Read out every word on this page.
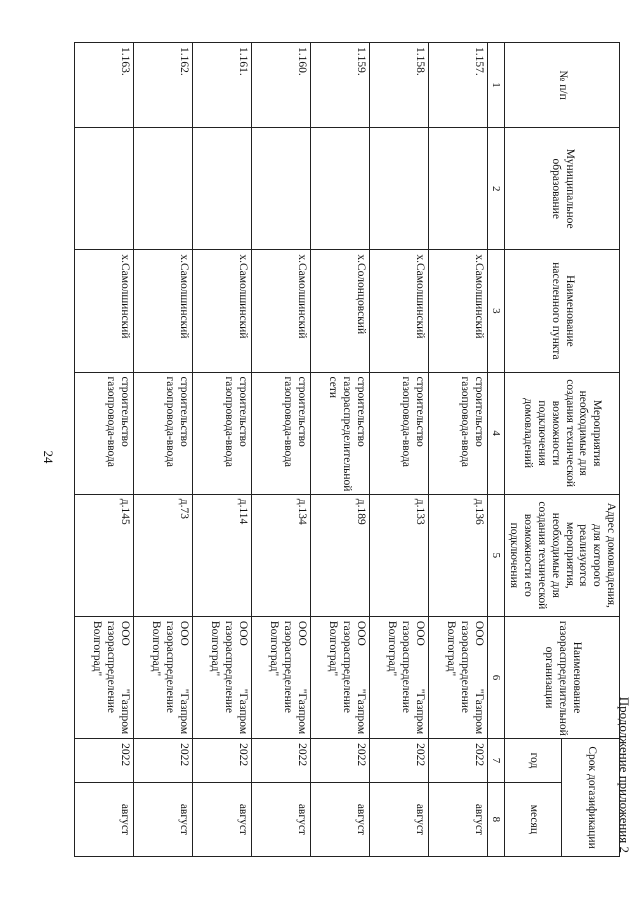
24
Продолжение приложения 2
№ п/п	Муниципальное образование	Наименование населенного пункта	Мероприятия необходимые для создания технической возможности подключения домовладений	Адрес домовладения, для которого реализуются мероприятия, необходимые для создания технической возможности его подключения	Наименование газораспределительной организации	Срок догазификации	
						год	месяц
1	2	3	4	5	6	7	8
1.157.		х.Самолшинский	строительство газопровода-ввода	д.136	ООО "Газпром газораспределение Волгоград"	2022	август
1.158.		х.Самолшинский	строительство газопровода-ввода	д.133	ООО "Газпром газораспределение Волгоград"	2022	август
1.159.		х.Солонцовский	строительство газораспределительной сети	д.189	ООО "Газпром газораспределение Волгоград"	2022	август
1.160.		х.Самолшинский	строительство газопровода-ввода	д.134	ООО "Газпром газораспределение Волгоград"	2022	август
1.161.		х.Самолшинский	строительство газопровода-ввода	д.114	ООО "Газпром газораспределение Волгоград"	2022	август
1.162.		х.Самолшинский	строительство газопровода-ввода	д.73	ООО "Газпром газораспределение Волгоград"	2022	август
1.163.		х.Самолшинский	строительство газопровода-ввода	д.145	ООО "Газпром газораспределение Волгоград"	2022	август
